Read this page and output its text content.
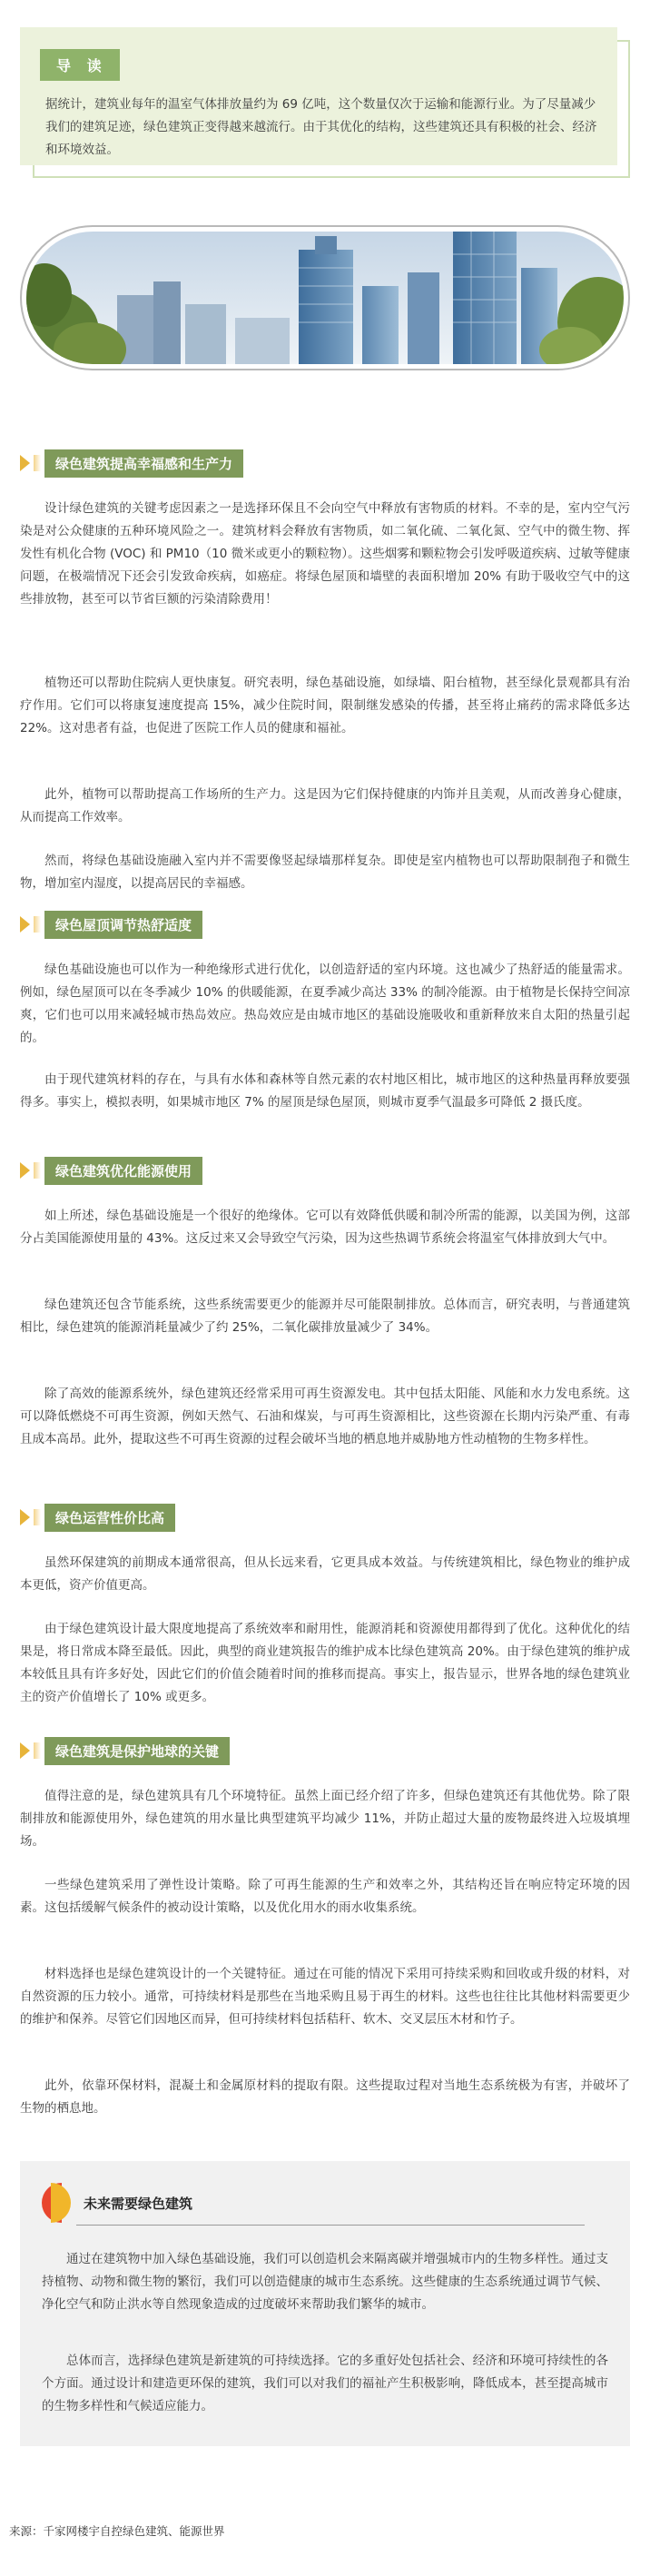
导 读

据统计，建筑业每年的温室气体排放量约为 69 亿吨，这个数量仅次于运输和能源行业。为了尽量减少我们的建筑足迹，绿色建筑正变得越来越流行。由于其优化的结构，这些建筑还具有积极的社会、经济和环境效益。

绿色建筑提高幸福感和生产力

设计绿色建筑的关键考虑因素之一是选择环保且不会向空气中释放有害物质的材料。不幸的是，室内空气污染是对公众健康的五种环境风险之一。建筑材料会释放有害物质，如二氧化硫、二氧化氮、空气中的微生物、挥发性有机化合物 (VOC) 和 PM10（10 微米或更小的颗粒物）。这些烟雾和颗粒物会引发呼吸道疾病、过敏等健康问题，在极端情况下还会引发致命疾病，如癌症。将绿色屋顶和墙壁的表面积增加 20% 有助于吸收空气中的这些排放物，甚至可以节省巨额的污染清除费用！

植物还可以帮助住院病人更快康复。研究表明，绿色基础设施，如绿墙、阳台植物，甚至绿化景观都具有治疗作用。它们可以将康复速度提高 15%，减少住院时间，限制继发感染的传播，甚至将止痛药的需求降低多达 22%。这对患者有益，也促进了医院工作人员的健康和福祉。

此外，植物可以帮助提高工作场所的生产力。这是因为它们保持健康的内饰并且美观，从而改善身心健康，从而提高工作效率。

然而，将绿色基础设施融入室内并不需要像竖起绿墙那样复杂。即使是室内植物也可以帮助限制孢子和微生物，增加室内湿度，以提高居民的幸福感。

绿色屋顶调节热舒适度

绿色基础设施也可以作为一种绝缘形式进行优化，以创造舒适的室内环境。这也减少了热舒适的能量需求。例如，绿色屋顶可以在冬季减少 10% 的供暖能源，在夏季减少高达 33% 的制冷能源。由于植物是长保持空间凉爽，它们也可以用来减轻城市热岛效应。热岛效应是由城市地区的基础设施吸收和重新释放来自太阳的热量引起的。

由于现代建筑材料的存在，与具有水体和森林等自然元素的农村地区相比，城市地区的这种热量再释放要强得多。事实上，模拟表明，如果城市地区 7% 的屋顶是绿色屋顶，则城市夏季气温最多可降低 2 摄氏度。

绿色建筑优化能源使用

如上所述，绿色基础设施是一个很好的绝缘体。它可以有效降低供暖和制冷所需的能源，以美国为例，这部分占美国能源使用量的 43%。这反过来又会导致空气污染，因为这些热调节系统会将温室气体排放到大气中。

绿色建筑还包含节能系统，这些系统需要更少的能源并尽可能限制排放。总体而言，研究表明，与普通建筑相比，绿色建筑的能源消耗量减少了约 25%，二氧化碳排放量减少了 34%。

除了高效的能源系统外，绿色建筑还经常采用可再生资源发电。其中包括太阳能、风能和水力发电系统。这可以降低燃烧不可再生资源，例如天然气、石油和煤炭，与可再生资源相比，这些资源在长期内污染严重、有毒且成本高昂。此外，提取这些不可再生资源的过程会破坏当地的栖息地并威胁地方性动植物的生物多样性。

绿色运营性价比高

虽然环保建筑的前期成本通常很高，但从长远来看，它更具成本效益。与传统建筑相比，绿色物业的维护成本更低，资产价值更高。

由于绿色建筑设计最大限度地提高了系统效率和耐用性，能源消耗和资源使用都得到了优化。这种优化的结果是，将日常成本降至最低。因此，典型的商业建筑报告的维护成本比绿色建筑高 20%。由于绿色建筑的维护成本较低且具有许多好处，因此它们的价值会随着时间的推移而提高。事实上，报告显示，世界各地的绿色建筑业主的资产价值增长了 10% 或更多。

绿色建筑是保护地球的关键

值得注意的是，绿色建筑具有几个环境特征。虽然上面已经介绍了许多，但绿色建筑还有其他优势。除了限制排放和能源使用外，绿色建筑的用水量比典型建筑平均减少 11%，并防止超过大量的废物最终进入垃圾填埋场。

一些绿色建筑采用了弹性设计策略。除了可再生能源的生产和效率之外，其结构还旨在响应特定环境的因素。这包括缓解气候条件的被动设计策略，以及优化用水的雨水收集系统。

材料选择也是绿色建筑设计的一个关键特征。通过在可能的情况下采用可持续采购和回收或升级的材料，对自然资源的压力较小。通常，可持续材料是那些在当地采购且易于再生的材料。这些也往往比其他材料需要更少的维护和保养。尽管它们因地区而异，但可持续材料包括秸秆、软木、交叉层压木材和竹子。

此外，依靠环保材料，混凝土和金属原材料的提取有限。这些提取过程对当地生态系统极为有害，并破坏了生物的栖息地。

未来需要绿色建筑

通过在建筑物中加入绿色基础设施，我们可以创造机会来隔离碳并增强城市内的生物多样性。通过支持植物、动物和微生物的繁衍，我们可以创造健康的城市生态系统。这些健康的生态系统通过调节气候、净化空气和防止洪水等自然现象造成的过度破坏来帮助我们繁华的城市。

总体而言，选择绿色建筑是新建筑的可持续选择。它的多重好处包括社会、经济和环境可持续性的各个方面。通过设计和建造更环保的建筑，我们可以对我们的福祉产生积极影响，降低成本，甚至提高城市的生物多样性和气候适应能力。

来源：千家网楼宇自控绿色建筑、能源世界
